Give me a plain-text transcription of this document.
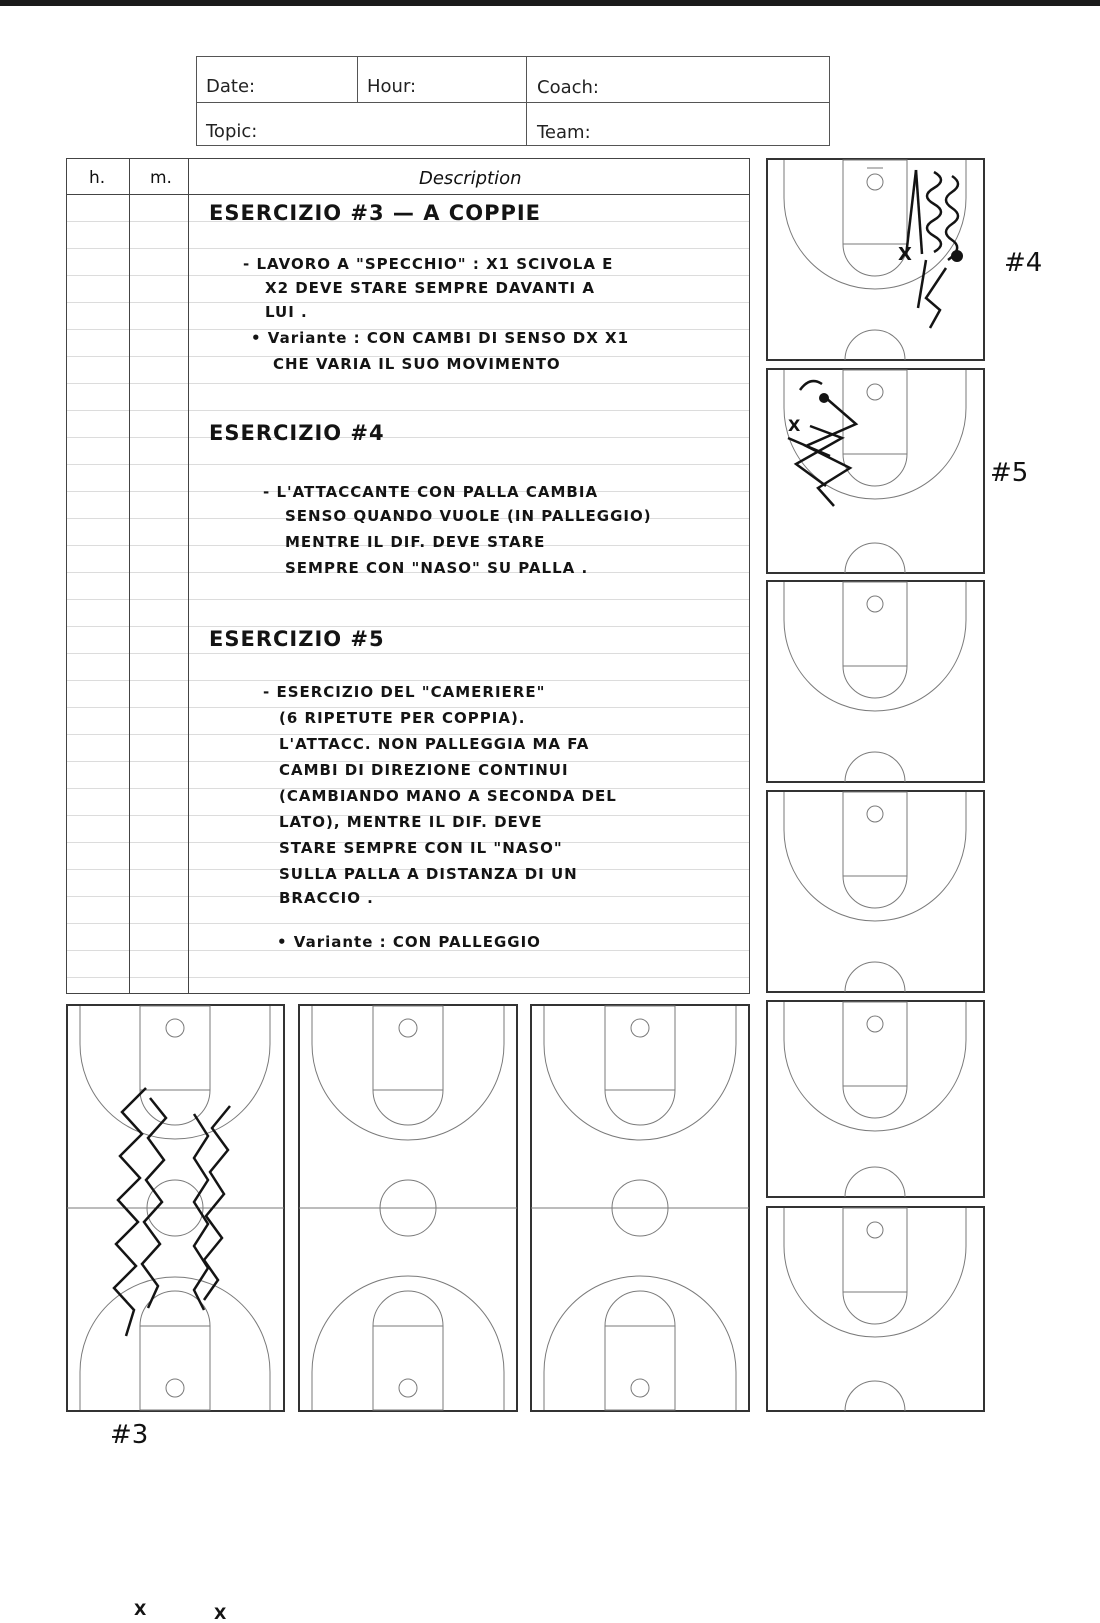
Date:	Hour:	Coach:
Topic:	Team:
h.	m.	Description
ESERCIZIO #3 — A COPPIE
- LAVORO A "SPECCHIO" : X1 SCIVOLA E
X2 DEVE STARE SEMPRE DAVANTI A
LUI .
• Variante : CON CAMBI DI SENSO DX X1
CHE VARIA IL SUO MOVIMENTO
ESERCIZIO #4
- L'ATTACCANTE CON PALLA CAMBIA
SENSO QUANDO VUOLE (IN PALLEGGIO)
MENTRE IL DIF. DEVE STARE
SEMPRE CON "NASO" SU PALLA .
ESERCIZIO #5
- ESERCIZIO DEL "CAMERIERE"
(6 RIPETUTE PER COPPIA).
L'ATTACC. NON PALLEGGIA MA FA
CAMBI DI DIREZIONE CONTINUI
(CAMBIANDO MANO A SECONDA DEL
LATO), MENTRE IL DIF. DEVE
STARE SEMPRE CON IL "NASO"
SULLA PALLA A DISTANZA DI UN
BRACCIO .
• Variante : CON PALLEGGIO
X	#4
X
#5
X	X
#3
